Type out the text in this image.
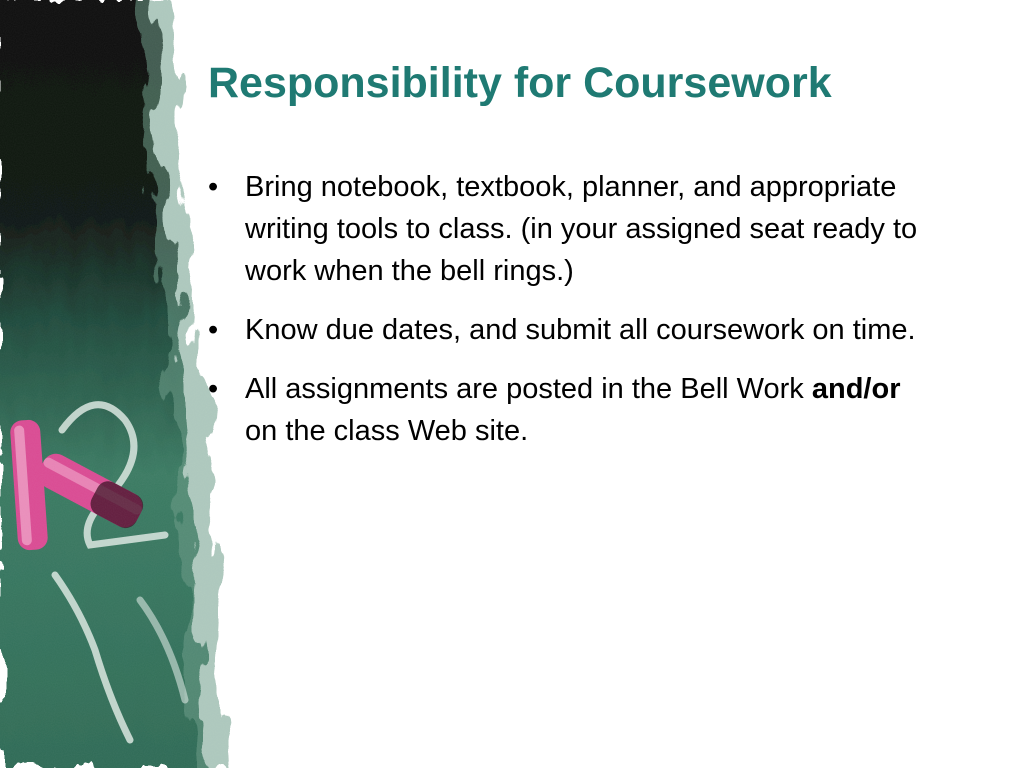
Responsibility for Coursework
• Bring notebook, textbook, planner, and appropriate writing tools to class. (in your assigned seat ready to work when the bell rings.)
• Know due dates, and submit all coursework on time.
• All assignments are posted in the Bell Work and/or on the class Web site.
